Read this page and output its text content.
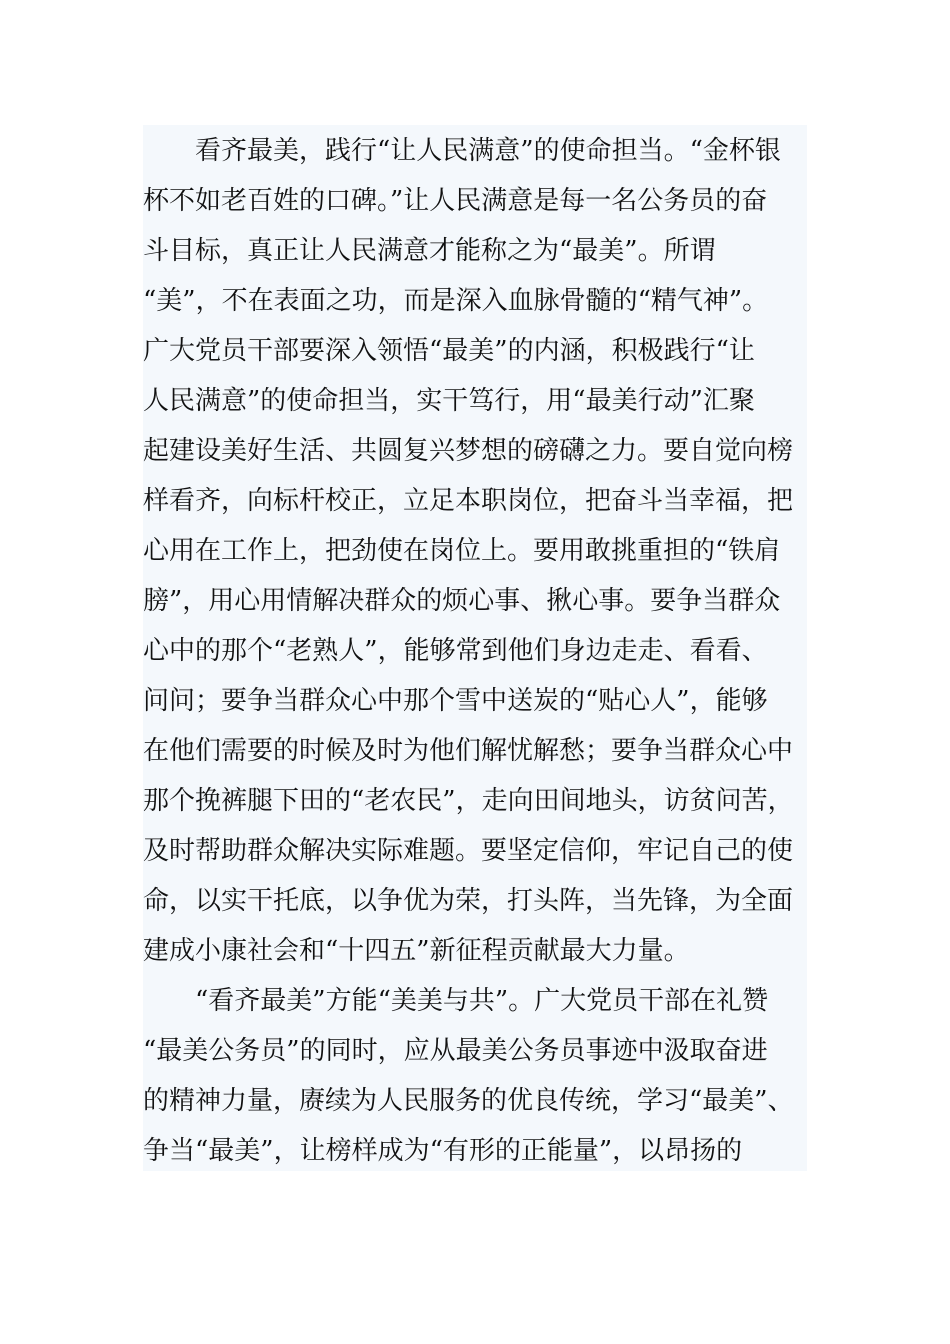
　　看齐最美，践行“让人民满意”的使命担当。“金杯银
杯不如老百姓的口碑。”让人民满意是每一名公务员的奋
斗目标，真正让人民满意才能称之为“最美”。所谓
“美”，不在表面之功，而是深入血脉骨髓的“精气神”。
广大党员干部要深入领悟“最美”的内涵，积极践行“让
人民满意”的使命担当，实干笃行，用“最美行动”汇聚
起建设美好生活、共圆复兴梦想的磅礴之力。要自觉向榜
样看齐，向标杆校正，立足本职岗位，把奋斗当幸福，把
心用在工作上，把劲使在岗位上。要用敢挑重担的“铁肩
膀”，用心用情解决群众的烦心事、揪心事。要争当群众
心中的那个“老熟人”，能够常到他们身边走走、看看、
问问；要争当群众心中那个雪中送炭的“贴心人”，能够
在他们需要的时候及时为他们解忧解愁；要争当群众心中
那个挽裤腿下田的“老农民”，走向田间地头，访贫问苦，
及时帮助群众解决实际难题。要坚定信仰，牢记自己的使
命，以实干托底，以争优为荣，打头阵，当先锋，为全面
建成小康社会和“十四五”新征程贡献最大力量。
　　“看齐最美”方能“美美与共”。广大党员干部在礼赞
“最美公务员”的同时，应从最美公务员事迹中汲取奋进
的精神力量，赓续为人民服务的优良传统，学习“最美”、
争当“最美”，让榜样成为“有形的正能量”，以昂扬的
